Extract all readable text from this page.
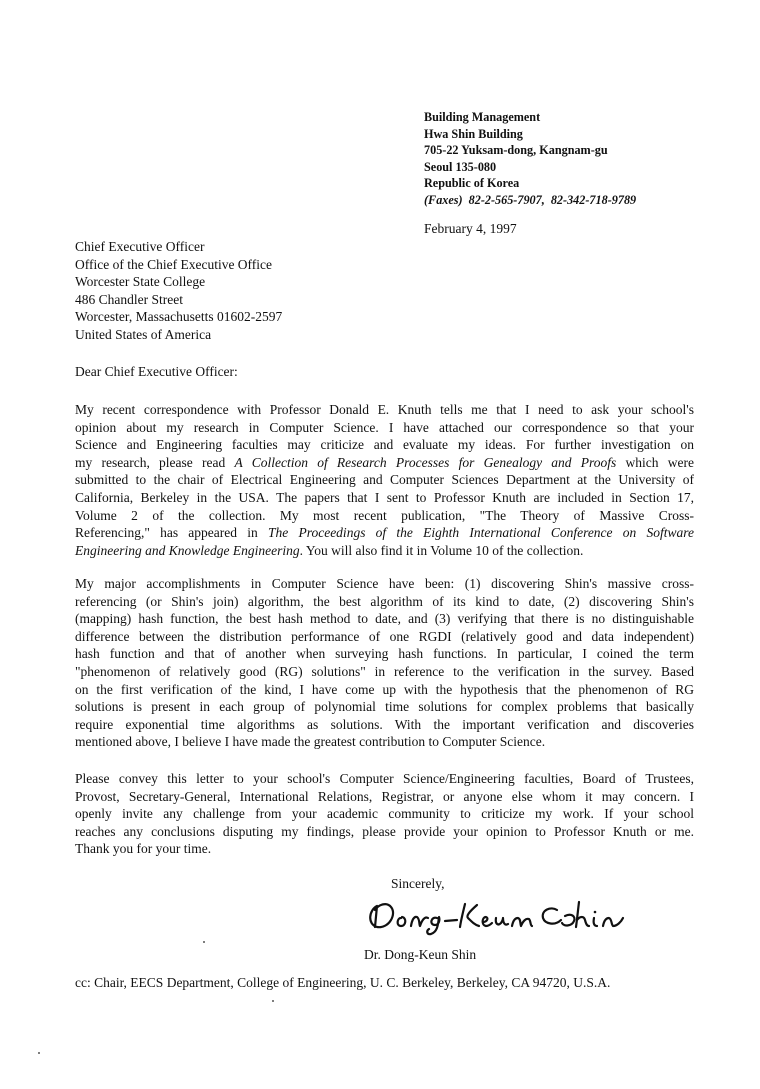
Building Management
Hwa Shin Building
705-22 Yuksam-dong, Kangnam-gu
Seoul 135-080
Republic of Korea
(Faxes) 82-2-565-7907, 82-342-718-9789
February 4, 1997
Chief Executive Officer
Office of the Chief Executive Office
Worcester State College
486 Chandler Street
Worcester, Massachusetts 01602-2597
United States of America
Dear Chief Executive Officer:

My recent correspondence with Professor Donald E. Knuth tells me that I need to ask your school's
opinion about my research in Computer Science. I have attached our correspondence so that your
Science and Engineering faculties may criticize and evaluate my ideas. For further investigation on
my research, please read A Collection of Research Processes for Genealogy and Proofs which were
submitted to the chair of Electrical Engineering and Computer Sciences Department at the University of
California, Berkeley in the USA. The papers that I sent to Professor Knuth are included in Section 17,
Volume 2 of the collection. My most recent publication, "The Theory of Massive Cross-
Referencing," has appeared in The Proceedings of the Eighth International Conference on Software
Engineering and Knowledge Engineering. You will also find it in Volume 10 of the collection.

My major accomplishments in Computer Science have been: (1) discovering Shin's massive cross-
referencing (or Shin's join) algorithm, the best algorithm of its kind to date, (2) discovering Shin's
(mapping) hash function, the best hash method to date, and (3) verifying that there is no distinguishable
difference between the distribution performance of one RGDI (relatively good and data independent)
hash function and that of another when surveying hash functions. In particular, I coined the term
"phenomenon of relatively good (RG) solutions" in reference to the verification in the survey. Based
on the first verification of the kind, I have come up with the hypothesis that the phenomenon of RG
solutions is present in each group of polynomial time solutions for complex problems that basically
require exponential time algorithms as solutions. With the important verification and discoveries
mentioned above, I believe I have made the greatest contribution to Computer Science.

Please convey this letter to your school's Computer Science/Engineering faculties, Board of Trustees,
Provost, Secretary-General, International Relations, Registrar, or anyone else whom it may concern. I
openly invite any challenge from your academic community to criticize my work. If your school
reaches any conclusions disputing my findings, please provide your opinion to Professor Knuth or me.
Thank you for your time.

Sincerely,
Dr. Dong-Keun Shin
cc: Chair, EECS Department, College of Engineering, U. C. Berkeley, Berkeley, CA 94720, U.S.A.
